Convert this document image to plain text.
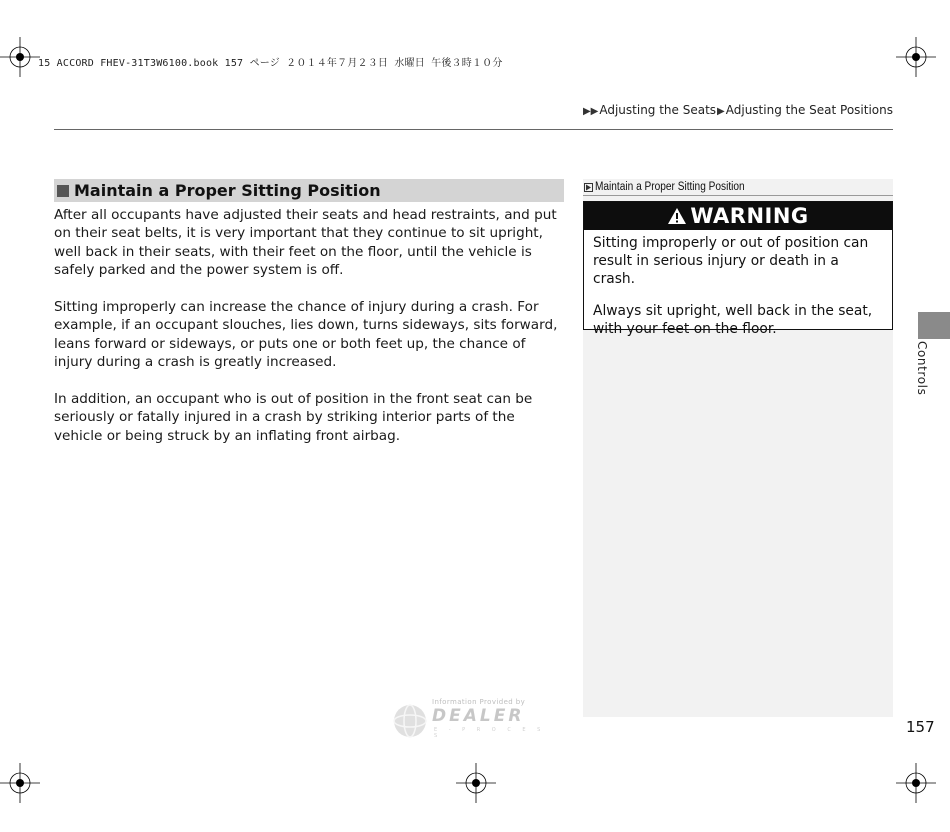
15 ACCORD FHEV-31T3W6100.book 157 ページ ２０１４年７月２３日 水曜日 午後３時１０分
▶▶Adjusting the Seats▶Adjusting the Seat Positions
Maintain a Proper Sitting Position

After all occupants have adjusted their seats and head restraints, and put on their seat belts, it is very important that they continue to sit upright, well back in their seats, with their feet on the floor, until the vehicle is safely parked and the power system is off.

Sitting improperly can increase the chance of injury during a crash. For example, if an occupant slouches, lies down, turns sideways, sits forward, leans forward or sideways, or puts one or both feet up, the chance of injury during a crash is greatly increased.

In addition, an occupant who is out of position in the front seat can be seriously or fatally injured in a crash by striking interior parts of the vehicle or being struck by an inflating front airbag.

Maintain a Proper Sitting Position
WARNING

Sitting improperly or out of position can result in serious injury or death in a crash.

Always sit upright, well back in the seat, with your feet on the floor.

Controls
157
Information Provided by
DEALER
E - P R O C E S S
